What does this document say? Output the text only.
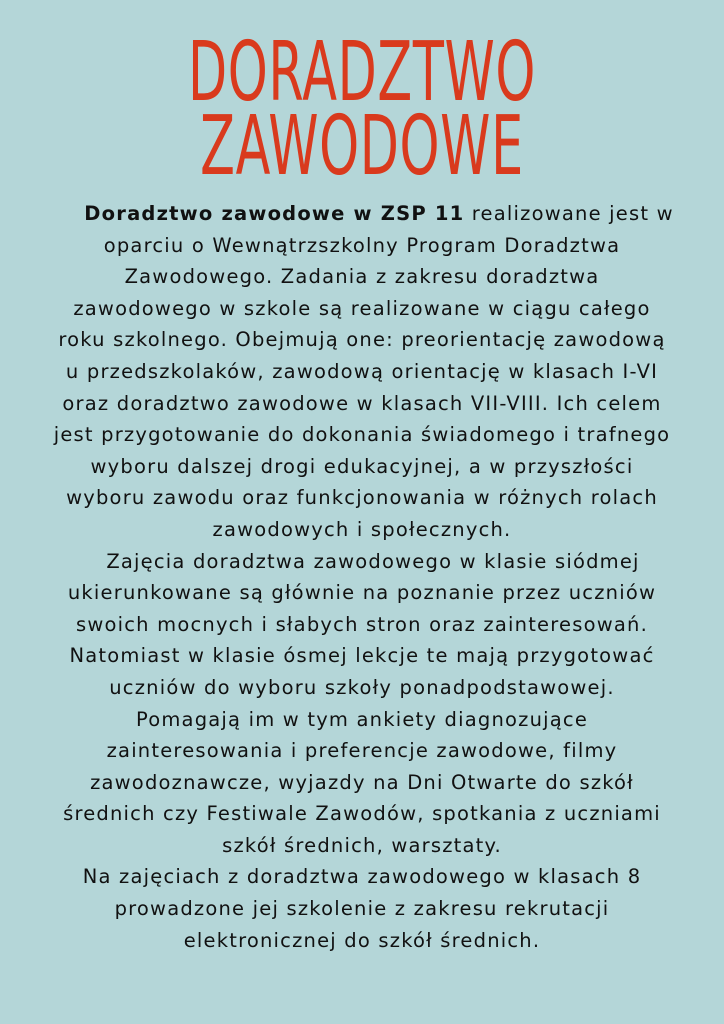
DORADZTWO
ZAWODOWE
Doradztwo zawodowe w ZSP 11 realizowane jest w
oparciu o Wewnątrzszkolny Program Doradztwa
Zawodowego. Zadania z zakresu doradztwa
zawodowego w szkole są realizowane w ciągu całego
roku szkolnego. Obejmują one: preorientację zawodową
u przedszkolaków, zawodową orientację w klasach I-VI
oraz doradztwo zawodowe w klasach VII-VIII. Ich celem
jest przygotowanie do dokonania świadomego i trafnego
wyboru dalszej drogi edukacyjnej, a w przyszłości
wyboru zawodu oraz funkcjonowania w różnych rolach
zawodowych i społecznych.
Zajęcia doradztwa zawodowego w klasie siódmej
ukierunkowane są głównie na poznanie przez uczniów
swoich mocnych i słabych stron oraz zainteresowań.
Natomiast w klasie ósmej lekcje te mają przygotować
uczniów do wyboru szkoły ponadpodstawowej.
Pomagają im w tym ankiety diagnozujące
zainteresowania i preferencje zawodowe, filmy
zawodoznawcze, wyjazdy na Dni Otwarte do szkół
średnich czy Festiwale Zawodów, spotkania z uczniami
szkół średnich, warsztaty.
Na zajęciach z doradztwa zawodowego w klasach 8
prowadzone jej szkolenie z zakresu rekrutacji
elektronicznej do szkół średnich.
